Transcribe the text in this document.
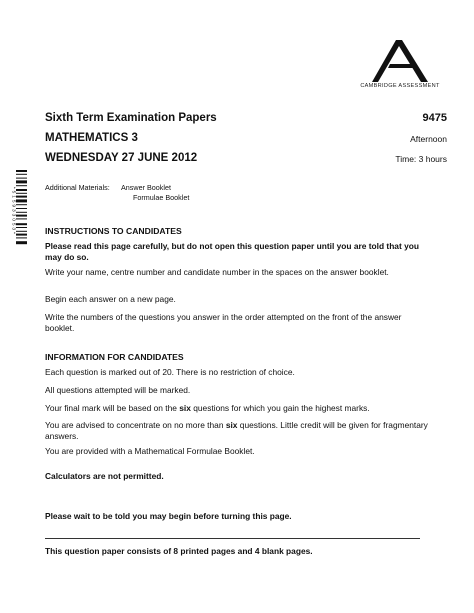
CAMBRIDGE ASSESSMENT
* 5 1 5 9 3 3 0 5 3 *
Sixth Term Examination Papers	9475
MATHEMATICS 3	Afternoon
WEDNESDAY 27 JUNE 2012	Time: 3 hours
Additional Materials:	Answer Booklet
Formulae Booklet
INSTRUCTIONS TO CANDIDATES
Please read this page carefully, but do not open this question paper until you are told that you may do so.
Write your name, centre number and candidate number in the spaces on the answer booklet.
Begin each answer on a new page.
Write the numbers of the questions you answer in the order attempted on the front of the answer booklet.
INFORMATION FOR CANDIDATES
Each question is marked out of 20. There is no restriction of choice.
All questions attempted will be marked.
Your final mark will be based on the six questions for which you gain the highest marks.
You are advised to concentrate on no more than six questions. Little credit will be given for fragmentary answers.
You are provided with a Mathematical Formulae Booklet.
Calculators are not permitted.
Please wait to be told you may begin before turning this page.
This question paper consists of 8 printed pages and 4 blank pages.
